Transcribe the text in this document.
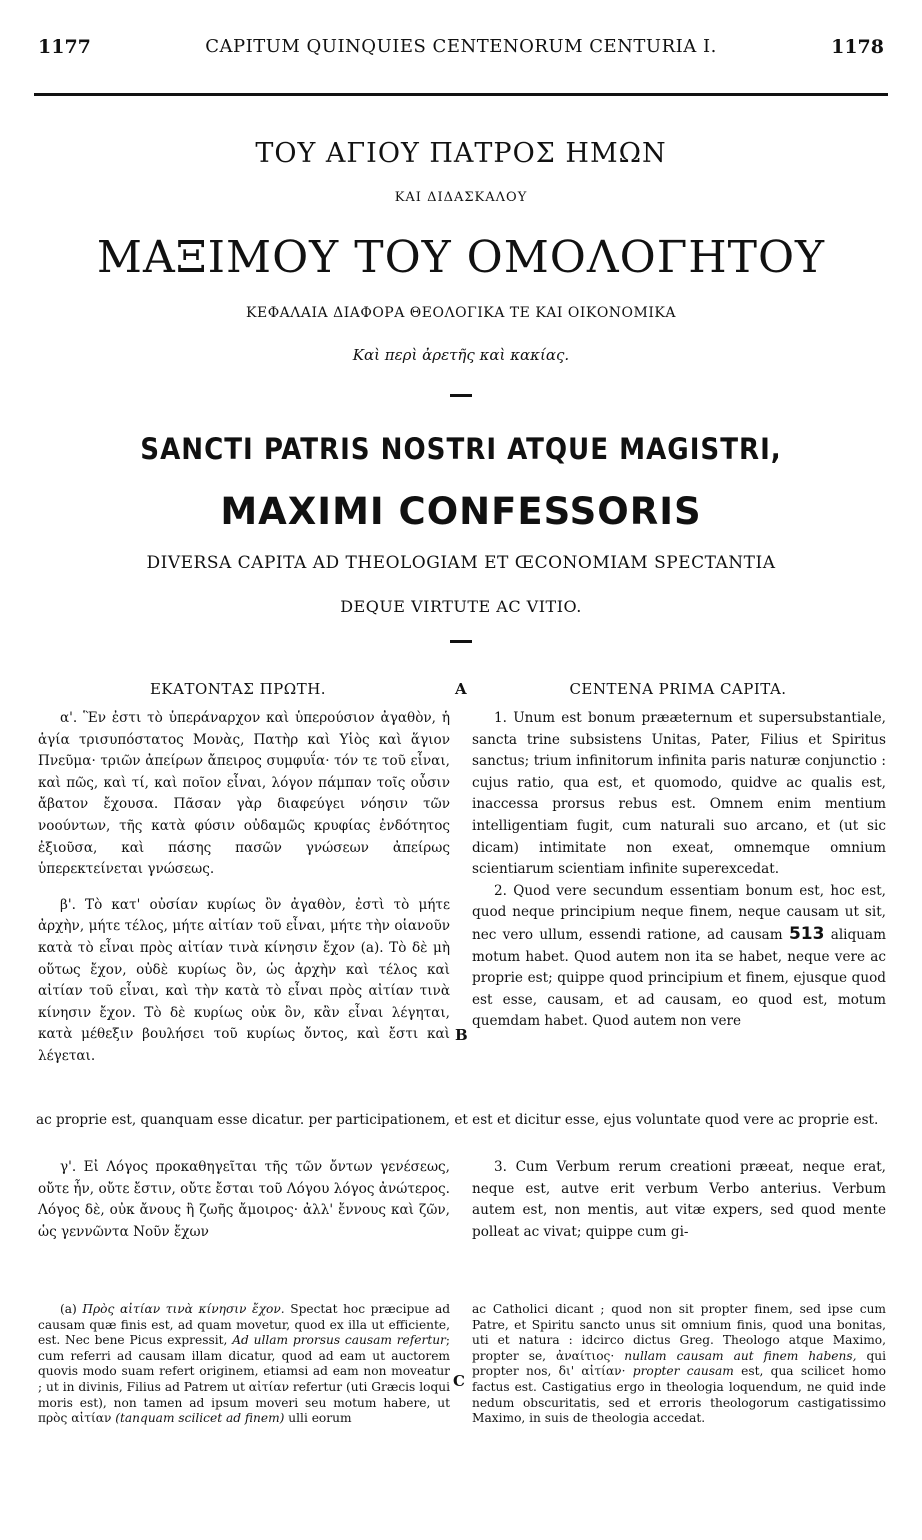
1177	CAPITUM QUINQUIES CENTENORUM CENTURIA I.	1178
ΤΟΥ ΑΓΙΟΥ ΠΑΤΡΟΣ ΗΜΩΝ
ΚΑΙ ΔΙΔΑΣΚΑΛΟΥ
ΜΑΞΙΜΟΥ ΤΟΥ ΟΜΟΛΟΓΗΤΟΥ
ΚΕΦΑΛΑΙΑ ΔΙΑΦΟΡΑ ΘΕΟΛΟΓΙΚΑ ΤΕ ΚΑΙ ΟΙΚΟΝΟΜΙΚΑ
Καὶ περὶ ἀρετῆς καὶ κακίας.
SANCTI PATRIS NOSTRI ATQUE MAGISTRI,
MAXIMI CONFESSORIS
DIVERSA CAPITA AD THEOLOGIAM ET ŒCONOMIAM SPECTANTIA
DEQUE VIRTUTE AC VITIO.
ΕΚΑΤΟΝΤΑΣ ΠΡΩΤΗ.	CENTENA PRIMA CAPITA.
A
B
C

α'. Ἓν ἐστι τὸ ὑπεράναρχον καὶ ὑπερούσιον ἀγαθὸν, ἡ ἁγία τρισυπόστατος Μονὰς, Πατὴρ καὶ Υἱὸς καὶ ἅγιον Πνεῦμα· τριῶν ἀπείρων ἄπειρος συμφυΐα· τόν τε τοῦ εἶναι, καὶ πῶς, καὶ τί, καὶ ποῖον εἶναι, λόγον πάμπαν τοῖς οὖσιν ἄβατον ἔχουσα. Πᾶσαν γὰρ διαφεύγει νόησιν τῶν νοούντων, τῆς κατὰ φύσιν οὐδαμῶς κρυφίας ἐνδότητος ἐξιοῦσα, καὶ πάσης πασῶν γνώσεων ἀπείρως ὑπερεκτείνεται γνώσεως.

β'. Τὸ κατ' οὐσίαν κυρίως ὂν ἀγαθὸν, ἐστὶ τὸ μήτε ἀρχὴν, μήτε τέλος, μήτε αἰτίαν τοῦ εἶναι, μήτε τὴν οἱανοῦν κατὰ τὸ εἶναι πρὸς αἰτίαν τινὰ κίνησιν ἔχον (a). Τὸ δὲ μὴ οὕτως ἔχον, οὐδὲ κυρίως ὂν, ὡς ἀρχὴν καὶ τέλος καὶ αἰτίαν τοῦ εἶναι, καὶ τὴν κατὰ τὸ εἶναι πρὸς αἰτίαν τινὰ κίνησιν ἔχον. Τὸ δὲ κυρίως οὐκ ὂν, κἂν εἶναι λέγηται, κατὰ μέθεξιν βουλήσει τοῦ κυρίως ὄντος, καὶ ἔστι καὶ λέγεται.

1. Unum est bonum prææternum et supersubstantiale, sancta trine subsistens Unitas, Pater, Filius et Spiritus sanctus; trium infinitorum infinita paris naturæ conjunctio : cujus ratio, qua est, et quomodo, quidve ac qualis est, inaccessa prorsus rebus est. Omnem enim mentium intelligentiam fugit, cum naturali suo arcano, et (ut sic dicam) intimitate non exeat, omnemque omnium scientiarum scientiam infinite superexcedat.

2. Quod vere secundum essentiam bonum est, hoc est, quod neque principium neque finem, neque causam ut sit, nec vero ullum, essendi ratione, ad causam 513 aliquam motum habet. Quod autem non ita se habet, neque vere ac proprie est; quippe quod principium et finem, ejusque quod est esse, causam, et ad causam, eo quod est, motum quemdam habet. Quod autem non vere

ac proprie est, quanquam esse dicatur. per participationem, et est et dicitur esse, ejus voluntate quod vere ac proprie est.

γ'. Εἰ Λόγος προκαθηγεῖται τῆς τῶν ὄντων γενέσεως, οὔτε ἦν, οὔτε ἔστιν, οὔτε ἔσται τοῦ Λόγου λόγος ἀνώτερος. Λόγος δὲ, οὐκ ἄνους ἢ ζωῆς ἄμοιρος· ἀλλ' ἔννους καὶ ζῶν, ὡς γεννῶντα Νοῦν ἔχων

3. Cum Verbum rerum creationi præeat, neque erat, neque est, autve erit verbum Verbo anterius. Verbum autem est, non mentis, aut vitæ expers, sed quod mente polleat ac vivat; quippe cum gi-

(a) Πρὸς αἰτίαν τινὰ κίνησιν ἔχον. Spectat hoc præcipue ad causam quæ finis est, ad quam movetur, quod ex illa ut efficiente, est. Nec bene Picus expressit, Ad ullam prorsus causam refertur; cum referri ad causam illam dicatur, quod ad eam ut auctorem quovis modo suam refert originem, etiamsi ad eam non moveatur ; ut in divinis, Filius ad Patrem ut αἰτίαν refertur (uti Græcis loqui moris est), non tamen ad ipsum moveri seu motum habere, ut πρὸς αἰτίαν (tanquam scilicet ad finem) ulli eorum

ac Catholici dicant ; quod non sit propter finem, sed ipse cum Patre, et Spiritu sancto unus sit omnium finis, quod una bonitas, uti et natura : idcirco dictus Greg. Theologo atque Maximo, propter se, ἀναίτιος· nullam causam aut finem habens, qui propter nos, δι' αἰτίαν· propter causam est, qua scilicet homo factus est. Castigatius ergo in theologia loquendum, ne quid inde nedum obscuritatis, sed et erroris theologorum castigatissimo Maximo, in suis de theologia accedat.
